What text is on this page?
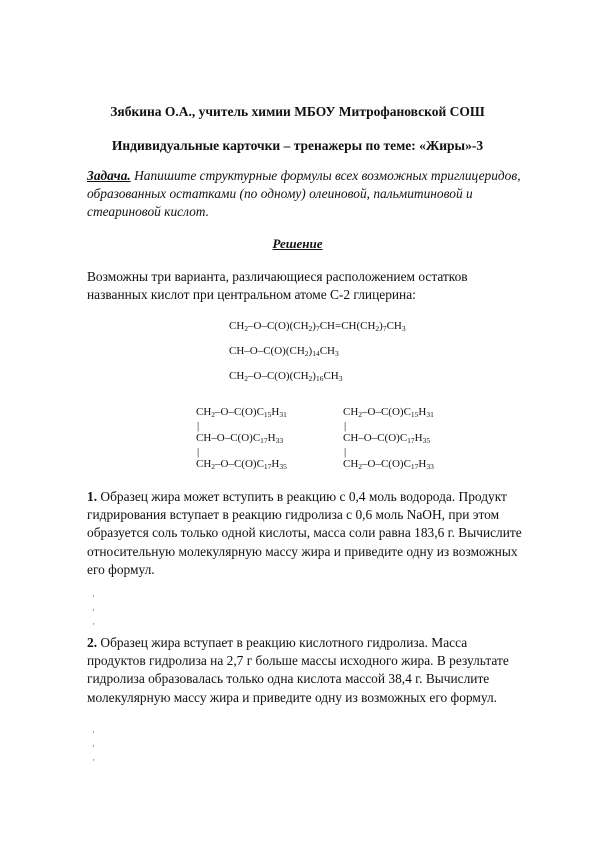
Зябкина О.А., учитель химии МБОУ Митрофановской СОШ
Индивидуальные карточки – тренажеры по теме: «Жиры»-3
Задача. Напишите структурные формулы всех возможных триглицеридов, образованных остатками (по одному) олеиновой, пальмитиновой и стеариновой кислот.
Решение
Возможны три варианта, различающиеся расположением остатков названных кислот при центральном атоме С-2 глицерина:
$CH_2-O-C(O)(CH_2)_7CH=CH(CH_2)_7CH_3$
$CH-O-C(O)(CH_2)_{14}CH_3$
$CH_2-O-C(O)(CH_2)_{16}CH_3$
$CH_2-O-C(O)C_{15}H_{31}$
|
$CH-O-C(O)C_{17}H_{33}$
|
$CH_2-O-C(O)C_{17}H_{35}$
$CH_2-O-C(O)C_{15}H_{31}$
|
$CH-O-C(O)C_{17}H_{35}$
|
$CH_2-O-C(O)C_{17}H_{33}$
1. Образец жира может вступить в реакцию с 0,4 моль водорода. Продукт гидрирования вступает в реакцию гидролиза с 0,6 моль NaOH, при этом образуется соль только одной кислоты, масса соли равна 183,6 г. Вычислите относительную молекулярную массу жира и приведите одну из возможных его формул.
·
·
·
2. Образец жира вступает в реакцию кислотного гидролиза. Масса продуктов гидролиза на 2,7 г больше массы исходного жира. В результате гидролиза образовалась только одна кислота массой 38,4 г. Вычислите молекулярную массу жира и приведите одну из возможных его формул.
·
·
·
